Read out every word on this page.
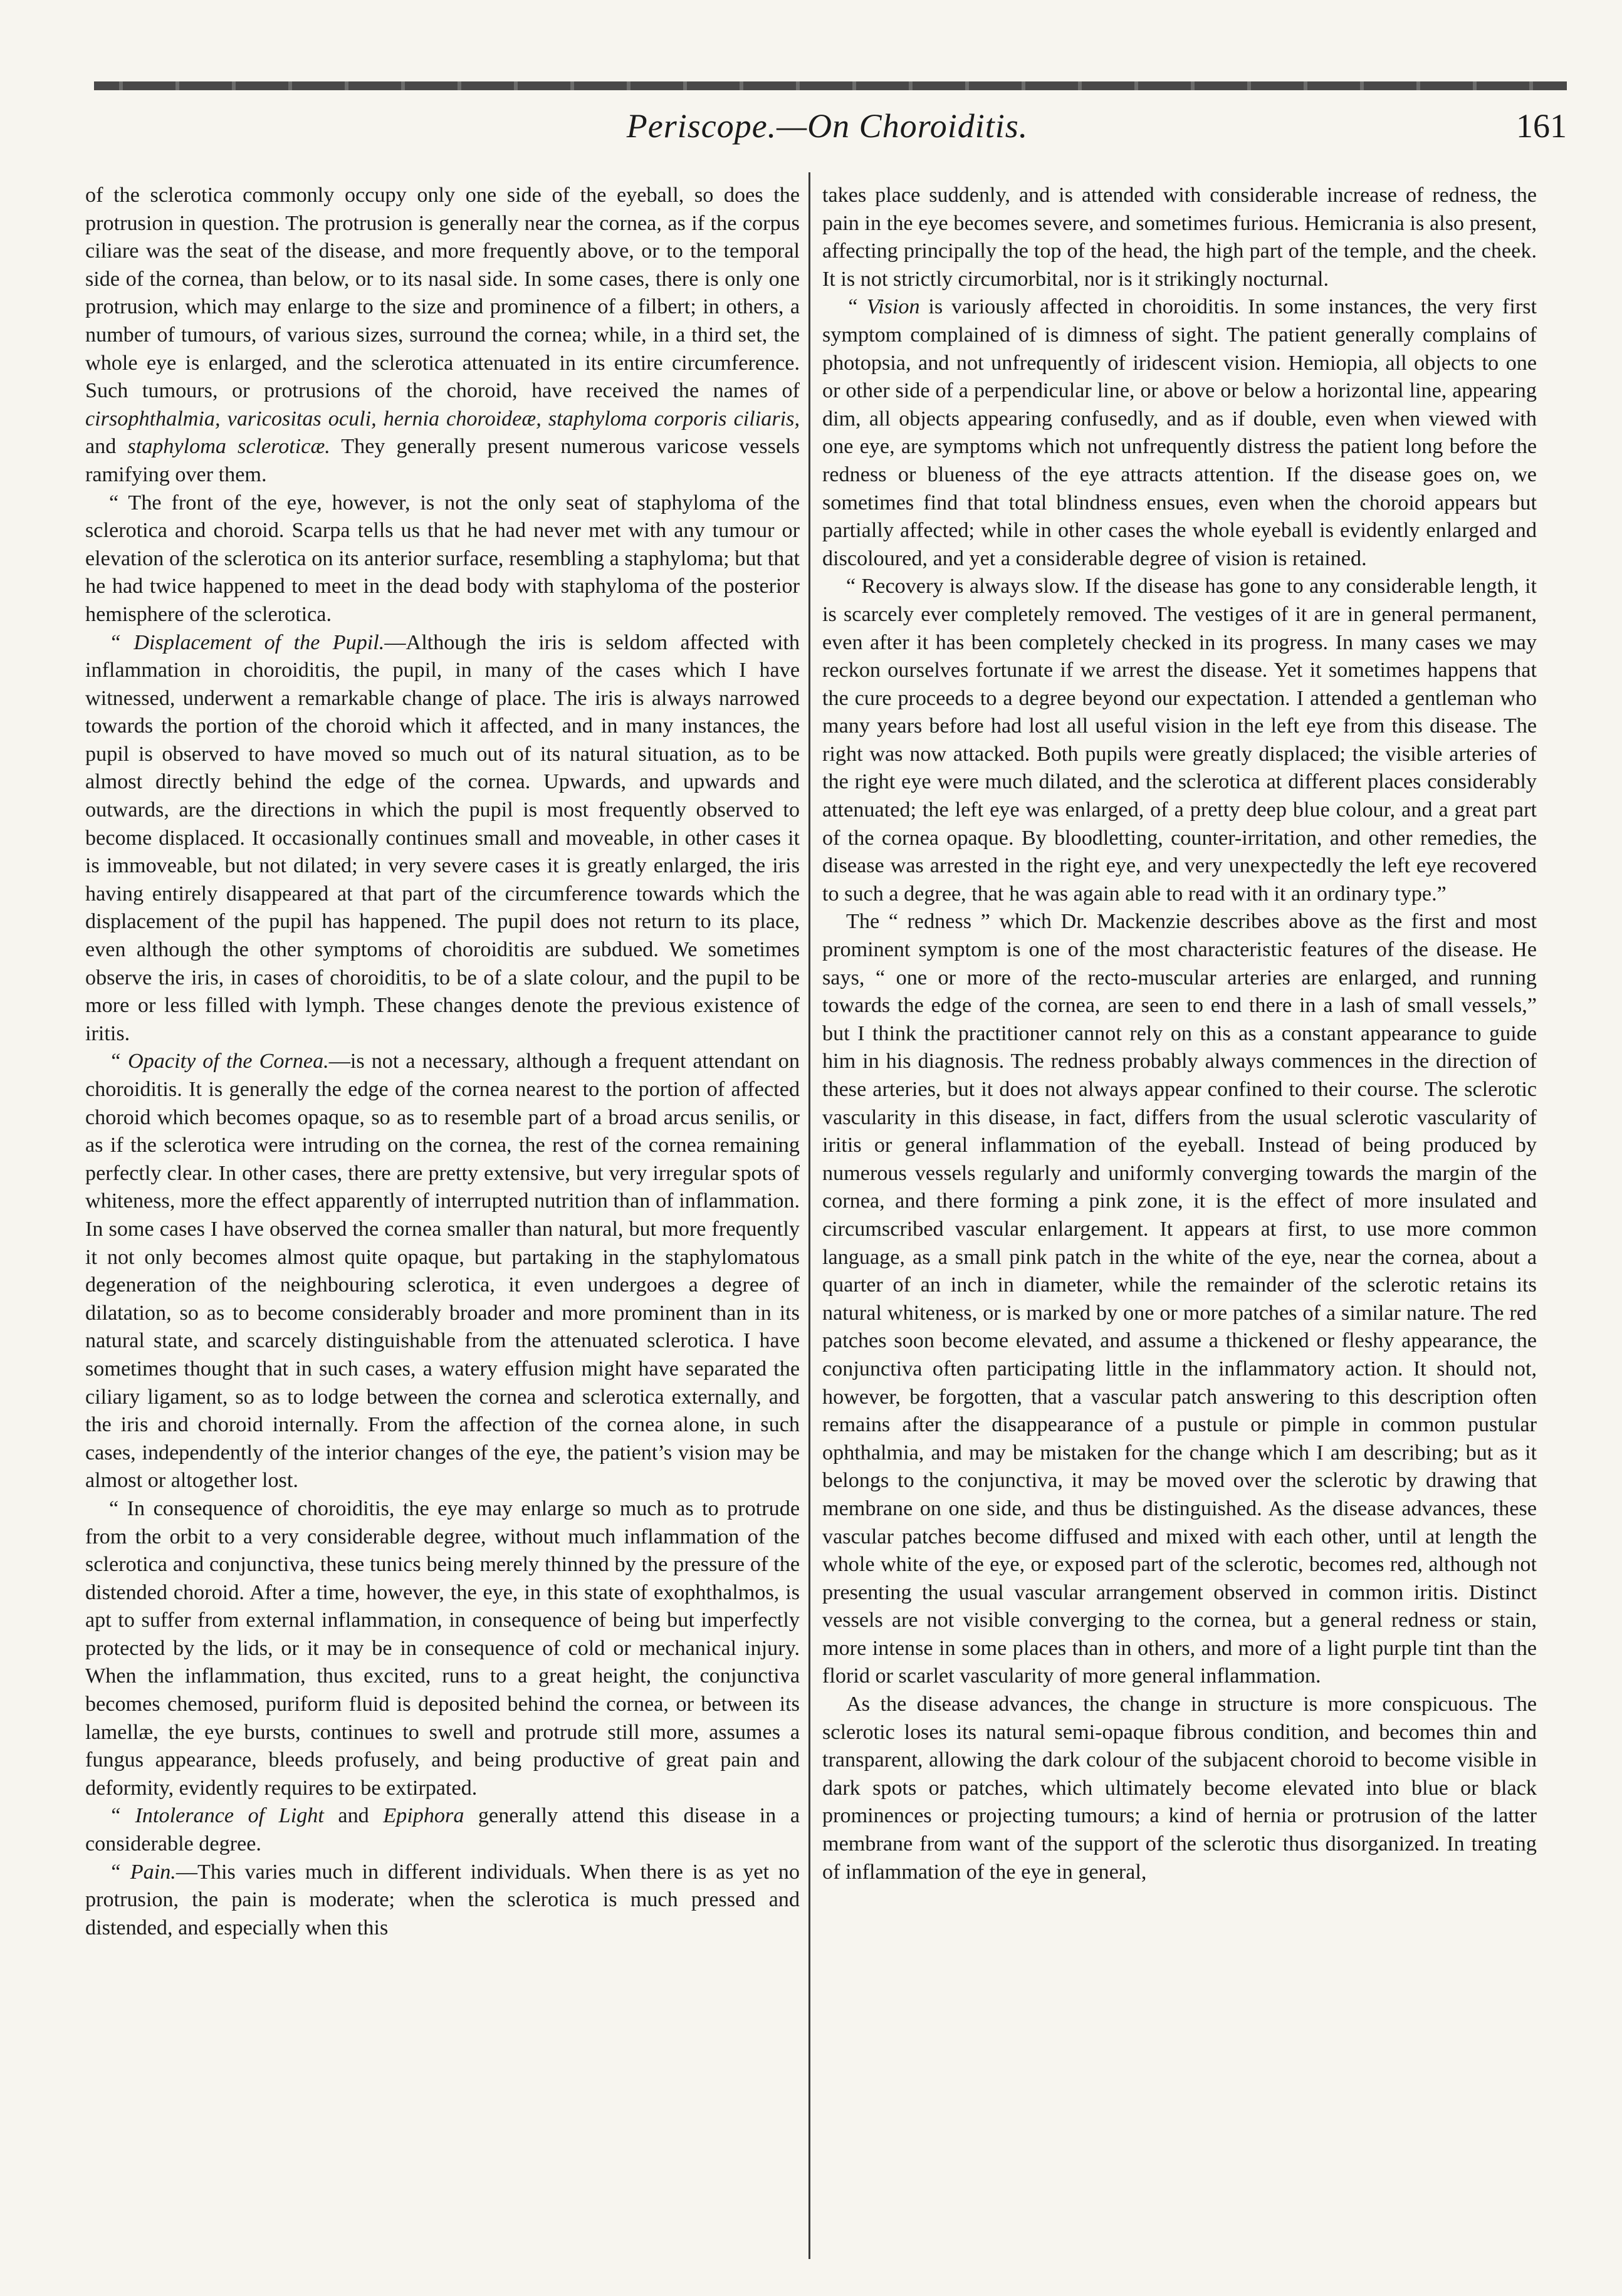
Periscope.—On Choroiditis.	161

of the sclerotica commonly occupy only one side of the eyeball, so does the protrusion in question. The protrusion is generally near the cornea, as if the corpus ciliare was the seat of the disease, and more frequently above, or to the temporal side of the cornea, than below, or to its nasal side. In some cases, there is only one protrusion, which may enlarge to the size and prominence of a filbert; in others, a number of tumours, of various sizes, surround the cornea; while, in a third set, the whole eye is enlarged, and the sclerotica attenuated in its entire circumference. Such tumours, or protrusions of the choroid, have received the names of cirsophthalmia, varicositas oculi, hernia choroideæ, staphyloma corporis ciliaris, and staphyloma scleroticæ. They generally present numerous varicose vessels ramifying over them.

“ The front of the eye, however, is not the only seat of staphyloma of the sclerotica and choroid. Scarpa tells us that he had never met with any tumour or elevation of the sclerotica on its anterior surface, resembling a staphyloma; but that he had twice happened to meet in the dead body with staphyloma of the posterior hemisphere of the sclerotica.

“ Displacement of the Pupil.—Although the iris is seldom affected with inflammation in choroiditis, the pupil, in many of the cases which I have witnessed, underwent a remarkable change of place. The iris is always narrowed towards the portion of the choroid which it affected, and in many instances, the pupil is observed to have moved so much out of its natural situation, as to be almost directly behind the edge of the cornea. Upwards, and upwards and outwards, are the directions in which the pupil is most frequently observed to become displaced. It occasionally continues small and moveable, in other cases it is immoveable, but not dilated; in very severe cases it is greatly enlarged, the iris having entirely disappeared at that part of the circumference towards which the displacement of the pupil has happened. The pupil does not return to its place, even although the other symptoms of choroiditis are subdued. We sometimes observe the iris, in cases of choroiditis, to be of a slate colour, and the pupil to be more or less filled with lymph. These changes denote the previous existence of iritis.

“ Opacity of the Cornea.—is not a necessary, although a frequent attendant on choroiditis. It is generally the edge of the cornea nearest to the portion of affected choroid which becomes opaque, so as to resemble part of a broad arcus senilis, or as if the sclerotica were intruding on the cornea, the rest of the cornea remaining perfectly clear. In other cases, there are pretty extensive, but very irregular spots of whiteness, more the effect apparently of interrupted nutrition than of inflammation. In some cases I have observed the cornea smaller than natural, but more frequently it not only becomes almost quite opaque, but partaking in the staphylomatous degeneration of the neighbouring sclerotica, it even undergoes a degree of dilatation, so as to become considerably broader and more prominent than in its natural state, and scarcely distinguishable from the attenuated sclerotica. I have sometimes thought that in such cases, a watery effusion might have separated the ciliary ligament, so as to lodge between the cornea and sclerotica externally, and the iris and choroid internally. From the affection of the cornea alone, in such cases, independently of the interior changes of the eye, the patient’s vision may be almost or altogether lost.

“ In consequence of choroiditis, the eye may enlarge so much as to protrude from the orbit to a very considerable degree, without much inflammation of the sclerotica and conjunctiva, these tunics being merely thinned by the pressure of the distended choroid. After a time, however, the eye, in this state of exophthalmos, is apt to suffer from external inflammation, in consequence of being but imperfectly protected by the lids, or it may be in consequence of cold or mechanical injury. When the inflammation, thus excited, runs to a great height, the conjunctiva becomes chemosed, puriform fluid is deposited behind the cornea, or between its lamellæ, the eye bursts, continues to swell and protrude still more, assumes a fungus appearance, bleeds profusely, and being productive of great pain and deformity, evidently requires to be extirpated.

“ Intolerance of Light and Epiphora generally attend this disease in a considerable degree.

“ Pain.—This varies much in different individuals. When there is as yet no protrusion, the pain is moderate; when the sclerotica is much pressed and distended, and especially when this

takes place suddenly, and is attended with considerable increase of redness, the pain in the eye becomes severe, and sometimes furious. Hemicrania is also present, affecting principally the top of the head, the high part of the temple, and the cheek. It is not strictly circumorbital, nor is it strikingly nocturnal.

“ Vision is variously affected in choroiditis. In some instances, the very first symptom complained of is dimness of sight. The patient generally complains of photopsia, and not unfrequently of iridescent vision. Hemiopia, all objects to one or other side of a perpendicular line, or above or below a horizontal line, appearing dim, all objects appearing confusedly, and as if double, even when viewed with one eye, are symptoms which not unfrequently distress the patient long before the redness or blueness of the eye attracts attention. If the disease goes on, we sometimes find that total blindness ensues, even when the choroid appears but partially affected; while in other cases the whole eyeball is evidently enlarged and discoloured, and yet a considerable degree of vision is retained.

“ Recovery is always slow. If the disease has gone to any considerable length, it is scarcely ever completely removed. The vestiges of it are in general permanent, even after it has been completely checked in its progress. In many cases we may reckon ourselves fortunate if we arrest the disease. Yet it sometimes happens that the cure proceeds to a degree beyond our expectation. I attended a gentleman who many years before had lost all useful vision in the left eye from this disease. The right was now attacked. Both pupils were greatly displaced; the visible arteries of the right eye were much dilated, and the sclerotica at different places considerably attenuated; the left eye was enlarged, of a pretty deep blue colour, and a great part of the cornea opaque. By bloodletting, counter-irritation, and other remedies, the disease was arrested in the right eye, and very unexpectedly the left eye recovered to such a degree, that he was again able to read with it an ordinary type.”

The “ redness ” which Dr. Mackenzie describes above as the first and most prominent symptom is one of the most characteristic features of the disease. He says, “ one or more of the recto-muscular arteries are enlarged, and running towards the edge of the cornea, are seen to end there in a lash of small vessels,” but I think the practitioner cannot rely on this as a constant appearance to guide him in his diagnosis. The redness probably always commences in the direction of these arteries, but it does not always appear confined to their course. The sclerotic vascularity in this disease, in fact, differs from the usual sclerotic vascularity of iritis or general inflammation of the eyeball. Instead of being produced by numerous vessels regularly and uniformly converging towards the margin of the cornea, and there forming a pink zone, it is the effect of more insulated and circumscribed vascular enlargement. It appears at first, to use more common language, as a small pink patch in the white of the eye, near the cornea, about a quarter of an inch in diameter, while the remainder of the sclerotic retains its natural whiteness, or is marked by one or more patches of a similar nature. The red patches soon become elevated, and assume a thickened or fleshy appearance, the conjunctiva often participating little in the inflammatory action. It should not, however, be forgotten, that a vascular patch answering to this description often remains after the disappearance of a pustule or pimple in common pustular ophthalmia, and may be mistaken for the change which I am describing; but as it belongs to the conjunctiva, it may be moved over the sclerotic by drawing that membrane on one side, and thus be distinguished. As the disease advances, these vascular patches become diffused and mixed with each other, until at length the whole white of the eye, or exposed part of the sclerotic, becomes red, although not presenting the usual vascular arrangement observed in common iritis. Distinct vessels are not visible converging to the cornea, but a general redness or stain, more intense in some places than in others, and more of a light purple tint than the florid or scarlet vascularity of more general inflammation.

As the disease advances, the change in structure is more conspicuous. The sclerotic loses its natural semi-opaque fibrous condition, and becomes thin and transparent, allowing the dark colour of the subjacent choroid to become visible in dark spots or patches, which ultimately become elevated into blue or black prominences or projecting tumours; a kind of hernia or protrusion of the latter membrane from want of the support of the sclerotic thus disorganized. In treating of inflammation of the eye in general,
